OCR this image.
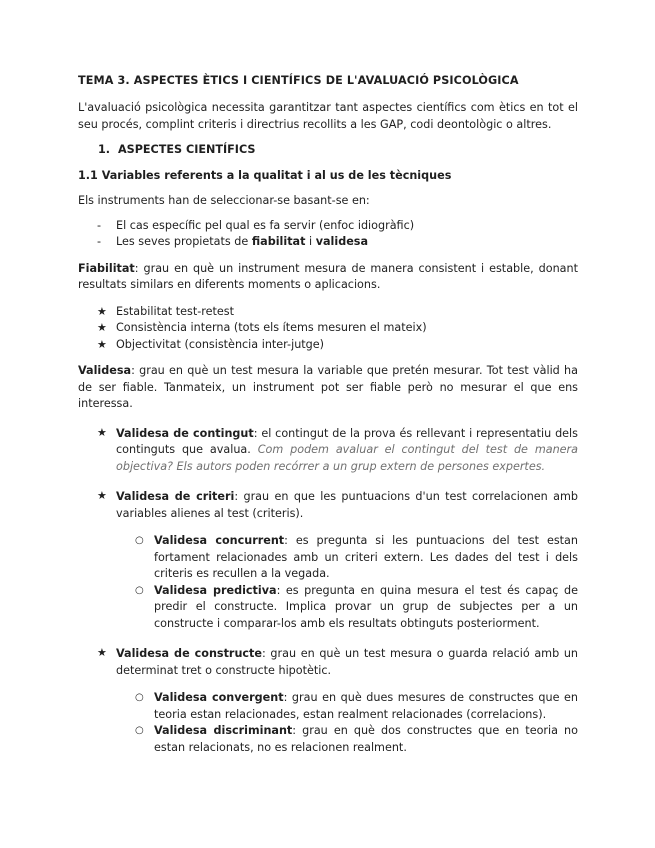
TEMA 3. ASPECTES ÈTICS I CIENTÍFICS DE L'AVALUACIÓ PSICOLÒGICA

L'avaluació psicològica necessita garantitzar tant aspectes científics com ètics en tot el seu procés, complint criteris i directrius recollits a les GAP, codi deontològic o altres.

1. ASPECTES CIENTÍFICS
1.1 Variables referents a la qualitat i al us de les tècniques

Els instruments han de seleccionar-se basant-se en:

- El cas específic pel qual es fa servir (enfoc idiogràfic)
- Les seves propietats de fiabilitat i validesa

Fiabilitat: grau en què un instrument mesura de manera consistent i estable, donant resultats similars en diferents moments o aplicacions.

★ Estabilitat test-retest
★ Consistència interna (tots els ítems mesuren el mateix)
★ Objectivitat (consistència inter-jutge)

Validesa: grau en què un test mesura la variable que pretén mesurar. Tot test vàlid ha de ser fiable. Tanmateix, un instrument pot ser fiable però no mesurar el que ens interessa.

★ Validesa de contingut: el contingut de la prova és rellevant i representatiu dels continguts que avalua. Com podem avaluar el contingut del test de manera objectiva? Els autors poden recórrer a un grup extern de persones expertes.

★ Validesa de criteri: grau en que les puntuacions d'un test correlacionen amb variables alienes al test (criteris).

○ Validesa concurrent: es pregunta si les puntuacions del test estan fortament relacionades amb un criteri extern. Les dades del test i dels criteris es recullen a la vegada.
○ Validesa predictiva: es pregunta en quina mesura el test és capaç de predir el constructe. Implica provar un grup de subjectes per a un constructe i comparar-los amb els resultats obtinguts posteriorment.
★ Validesa de constructe: grau en què un test mesura o guarda relació amb un determinat tret o constructe hipotètic.

○ Validesa convergent: grau en què dues mesures de constructes que en teoria estan relacionades, estan realment relacionades (correlacions).
○ Validesa discriminant: grau en què dos constructes que en teoria no estan relacionats, no es relacionen realment.
